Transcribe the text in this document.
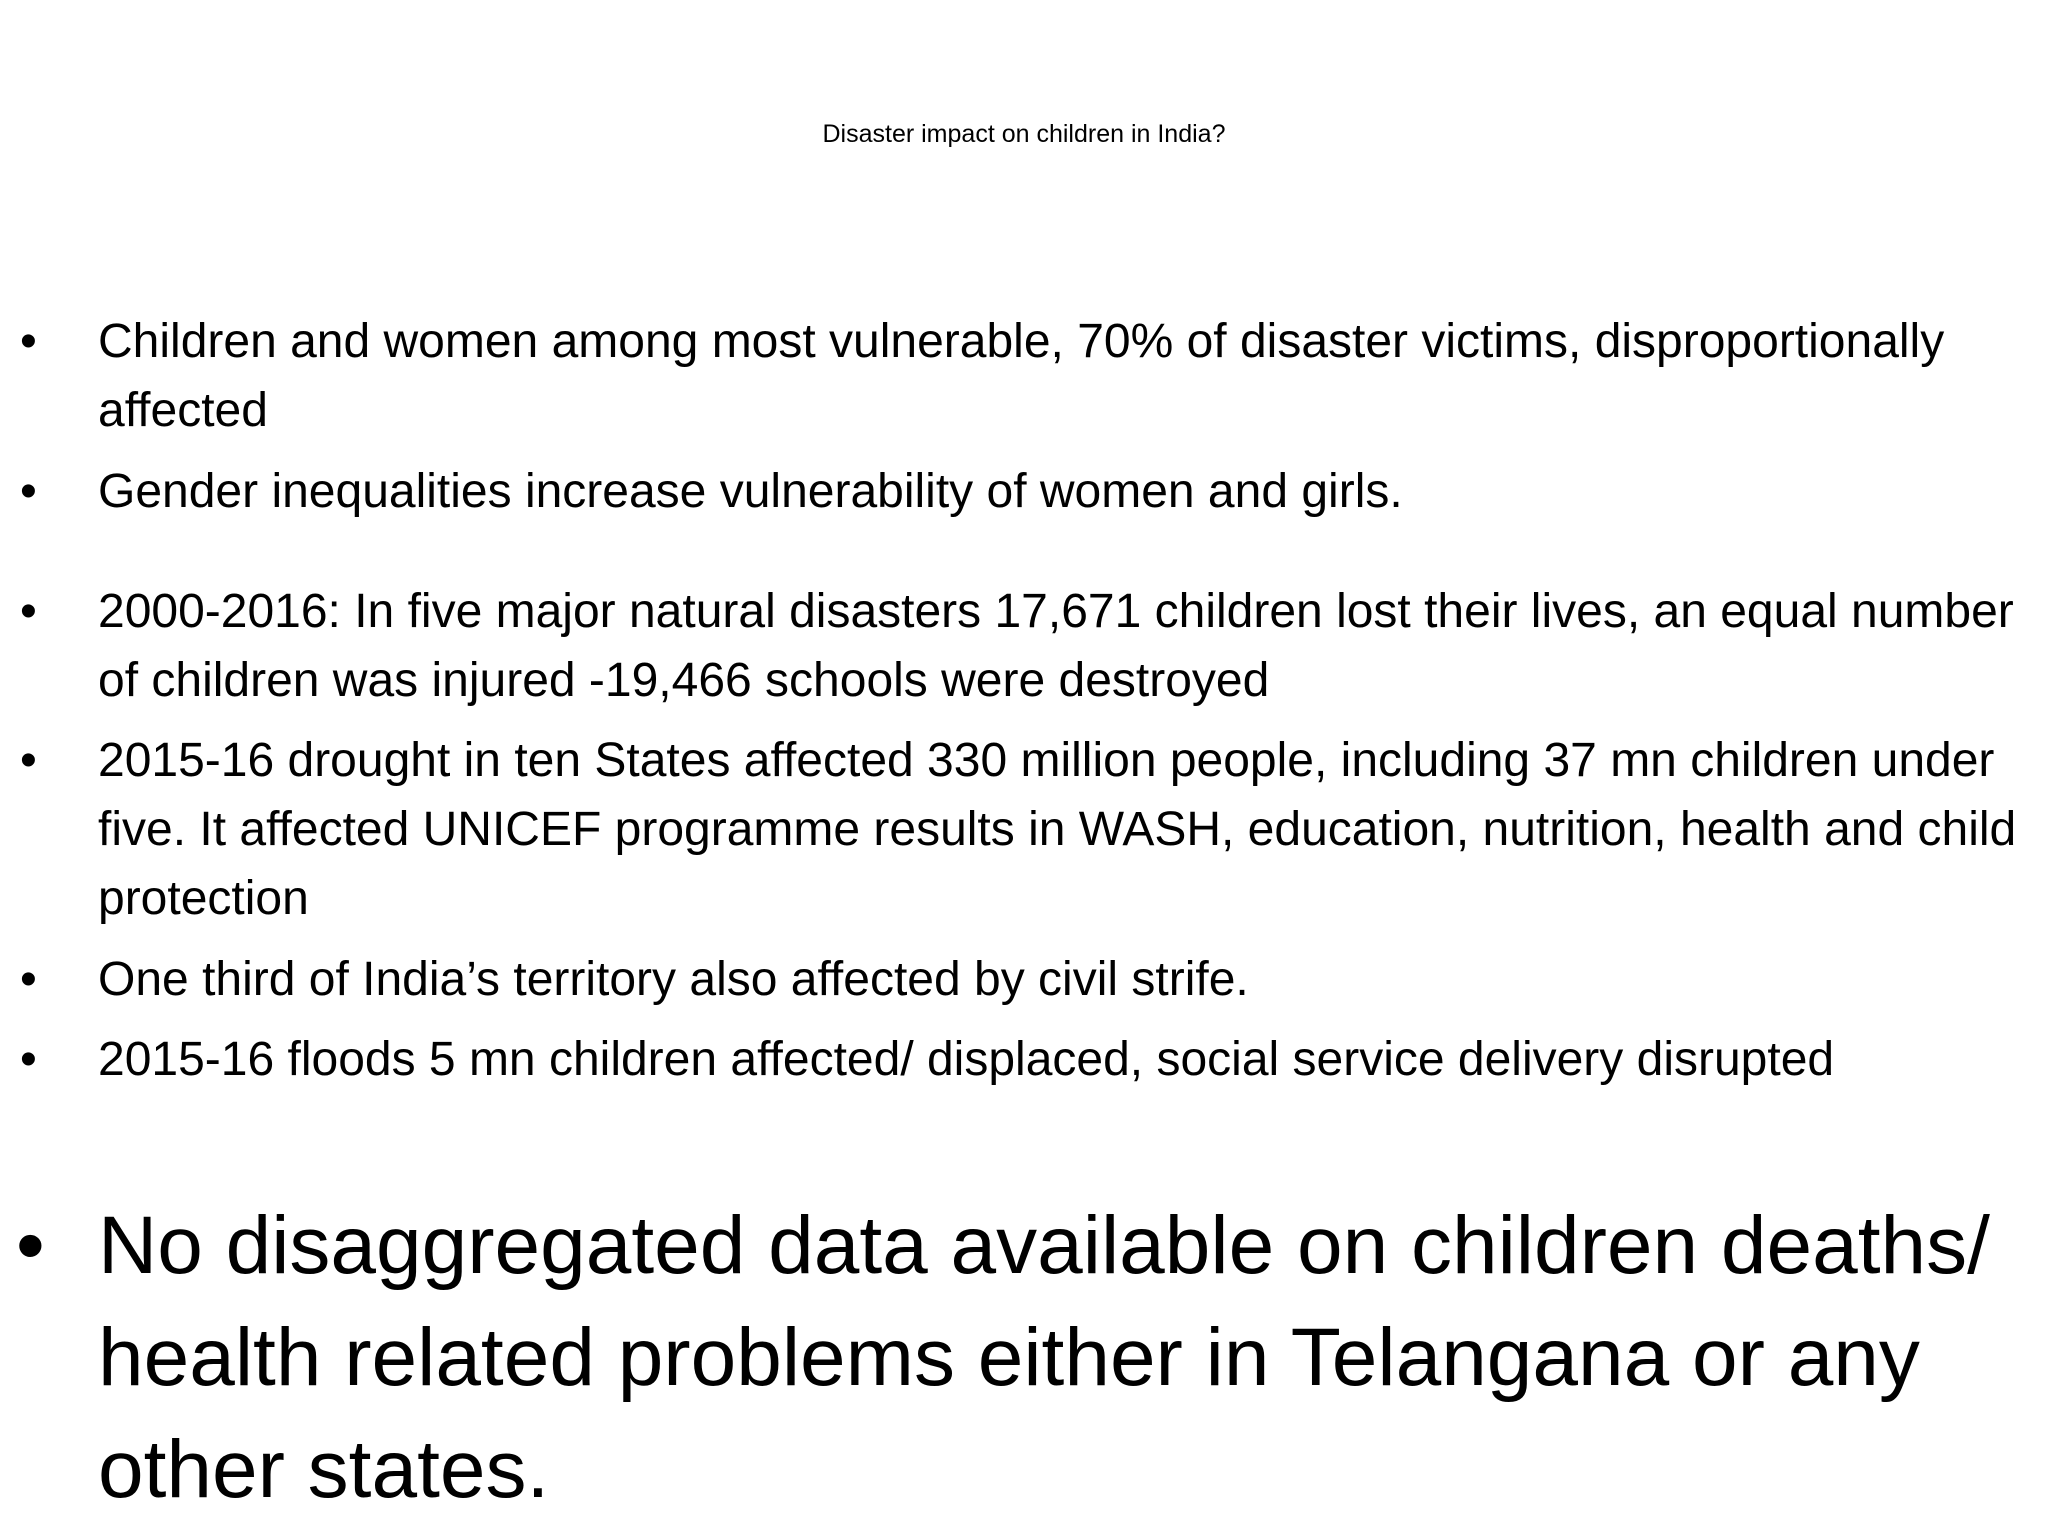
Disaster impact on children in India?
•	Children and women among most vulnerable, 70% of disaster victims, disproportionally affected
•	Gender inequalities increase vulnerability of women and girls.
•	2000-2016: In five major natural disasters 17,671 children lost their lives, an equal number of children was injured -19,466 schools were destroyed
•	2015-16 drought in ten States affected 330 million people, including 37 mn children under five. It affected UNICEF programme results in WASH, education, nutrition, health and child protection
•	One third of India’s territory also affected by civil strife.
•	2015-16 floods 5 mn children affected/ displaced, social service delivery disrupted
• No disaggregated data available on children deaths/ health related problems either in Telangana or any other states.
